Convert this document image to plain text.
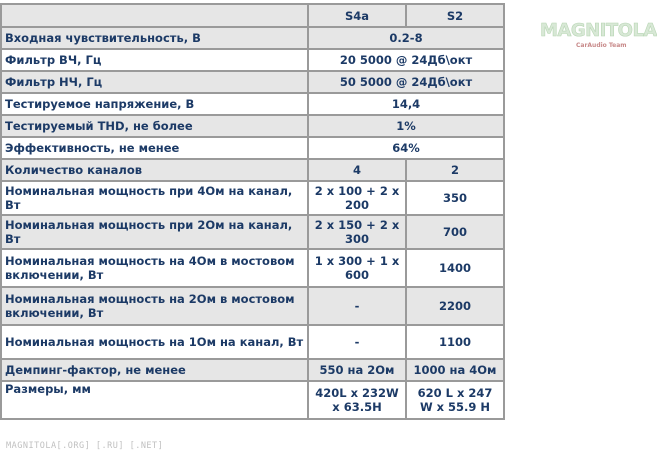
	S4a	S2
Входная чувствительность, В	0.2-8	
Фильтр ВЧ, Гц	20 5000 @ 24Дб\окт	
Фильтр НЧ, Гц	50 5000 @ 24Дб\окт	
Тестируемое напряжение, В	14,4	
Тестируемый THD, не более	1%	
Эффективность, не менее	64%	
Количество каналов	4	2
Номинальная мощность при 4Ом на канал, Вт	2 x 100 + 2 x 200	350
Номинальная мощность при 2Ом на канал, Вт	2 x 150 + 2 x 300	700
Номинальная мощность на 4Ом в мостовом включении, Вт	1 x 300 + 1 x 600	1400
Номинальная мощность на 2Ом в мостовом включении, Вт	-	2200
Номинальная мощность на 1Ом на канал, Вт	-	1100
Демпинг-фактор, не менее	550 на 2Ом	1000 на 4Ом
Размеры, мм	420L x 232W x 63.5H	620 L x 247 W x 55.9 H
MAGNITOLA
CarAudio Team
MAGNITOLA[.ORG] [.RU] [.NET]
